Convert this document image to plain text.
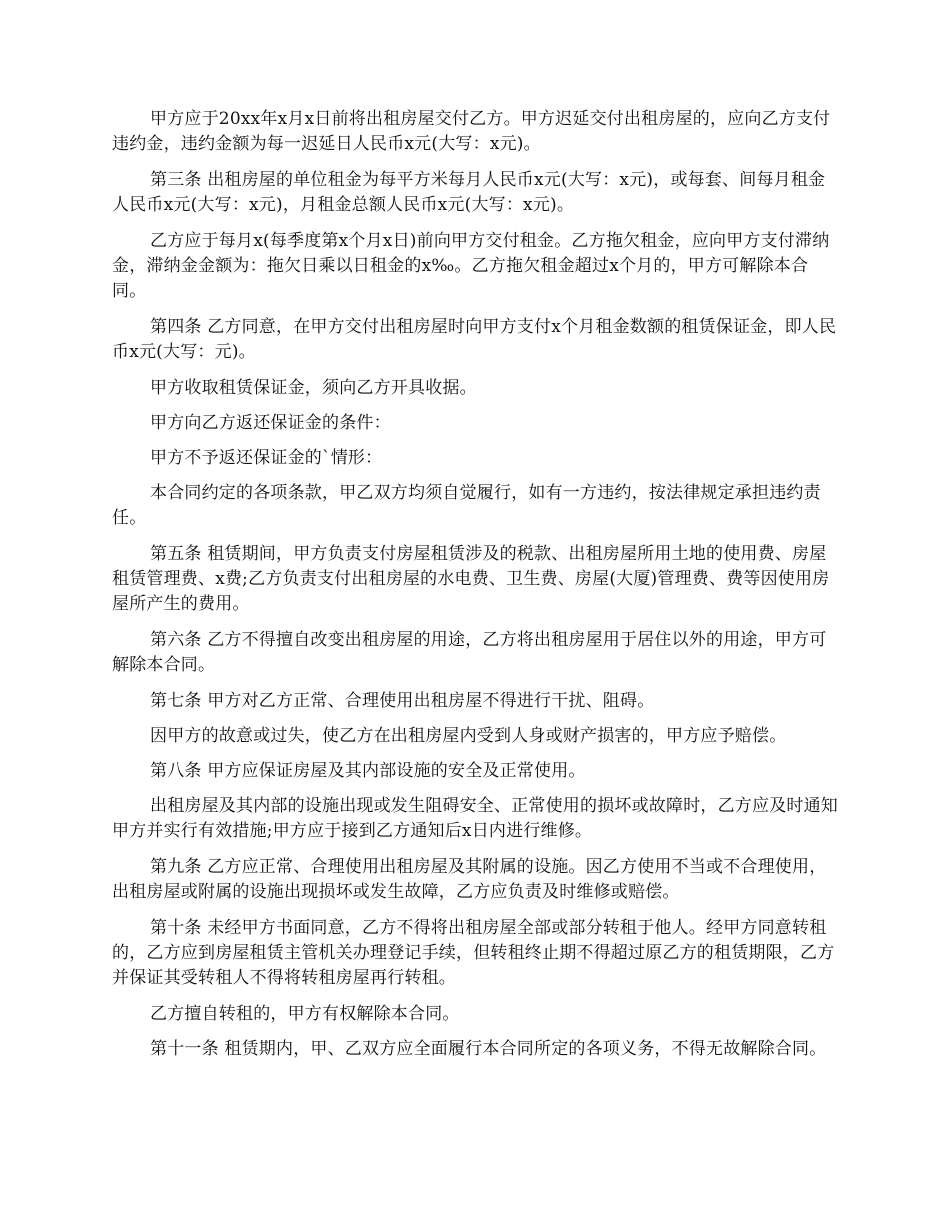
甲方应于20xx年x月x日前将出租房屋交付乙方。甲方迟延交付出租房屋的，应向乙方支付违约金，违约金额为每一迟延日人民币x元(大写：x元)。

第三条 出租房屋的单位租金为每平方米每月人民币x元(大写：x元)，或每套、间每月租金人民币x元(大写：x元)，月租金总额人民币x元(大写：x元)。

乙方应于每月x(每季度第x个月x日)前向甲方交付租金。乙方拖欠租金，应向甲方支付滞纳金，滞纳金金额为：拖欠日乘以日租金的x‰。乙方拖欠租金超过x个月的，甲方可解除本合同。

第四条 乙方同意，在甲方交付出租房屋时向甲方支付x个月租金数额的租赁保证金，即人民币x元(大写：元)。

甲方收取租赁保证金，须向乙方开具收据。

甲方向乙方返还保证金的条件：

甲方不予返还保证金的`情形：

本合同约定的各项条款，甲乙双方均须自觉履行，如有一方违约，按法律规定承担违约责任。

第五条 租赁期间，甲方负责支付房屋租赁涉及的税款、出租房屋所用土地的使用费、房屋租赁管理费、x费;乙方负责支付出租房屋的水电费、卫生费、房屋(大厦)管理费、费等因使用房屋所产生的费用。

第六条 乙方不得擅自改变出租房屋的用途，乙方将出租房屋用于居住以外的用途，甲方可解除本合同。

第七条 甲方对乙方正常、合理使用出租房屋不得进行干扰、阻碍。

因甲方的故意或过失，使乙方在出租房屋内受到人身或财产损害的，甲方应予赔偿。

第八条 甲方应保证房屋及其内部设施的安全及正常使用。

出租房屋及其内部的设施出现或发生阻碍安全、正常使用的损坏或故障时，乙方应及时通知甲方并实行有效措施;甲方应于接到乙方通知后x日内进行维修。

第九条 乙方应正常、合理使用出租房屋及其附属的设施。因乙方使用不当或不合理使用，出租房屋或附属的设施出现损坏或发生故障，乙方应负责及时维修或赔偿。

第十条 未经甲方书面同意，乙方不得将出租房屋全部或部分转租于他人。经甲方同意转租的，乙方应到房屋租赁主管机关办理登记手续，但转租终止期不得超过原乙方的租赁期限，乙方并保证其受转租人不得将转租房屋再行转租。

乙方擅自转租的，甲方有权解除本合同。

第十一条 租赁期内，甲、乙双方应全面履行本合同所定的各项义务，不得无故解除合同。
